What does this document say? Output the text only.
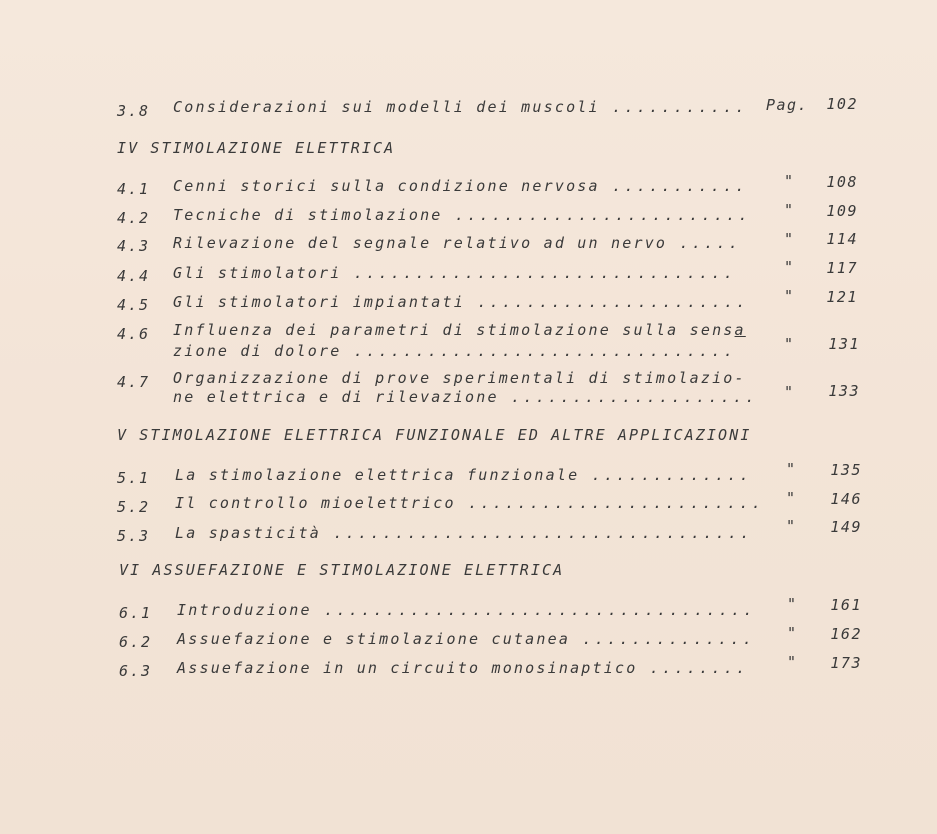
3.8 Considerazioni sui modelli dei muscoli ........... Pag.	102
IV STIMOLAZIONE ELETTRICA
4.1 Cenni storici sulla condizione nervosa ........... "	108
4.2 Tecniche di stimolazione ........................ "	109
4.3 Rilevazione del segnale relativo ad un nervo .....	"	114
4.4 Gli stimolatori ...............................	"	117
4.5 Gli stimolatori impiantati ...................... "	121
4.6 Influenza dei parametri di stimolazione sulla sensa
zione di dolore ...............................	"	131
4.7 Organizzazione di prove sperimentali di stimolazio-
ne elettrica e di rilevazione .................... "	133
V STIMOLAZIONE ELETTRICA FUNZIONALE ED ALTRE APPLICAZIONI
5.1 La stimolazione elettrica funzionale ............. "	135
5.2 Il controllo mioelettrico ........................ "	146
5.3 La spasticità .................................. "	149
VI ASSUEFAZIONE E STIMOLAZIONE ELETTRICA
6.1 Introduzione ................................... "	161
6.2 Assuefazione e stimolazione cutanea .............. "	162
6.3 Assuefazione in un circuito monosinaptico ........	"	173
